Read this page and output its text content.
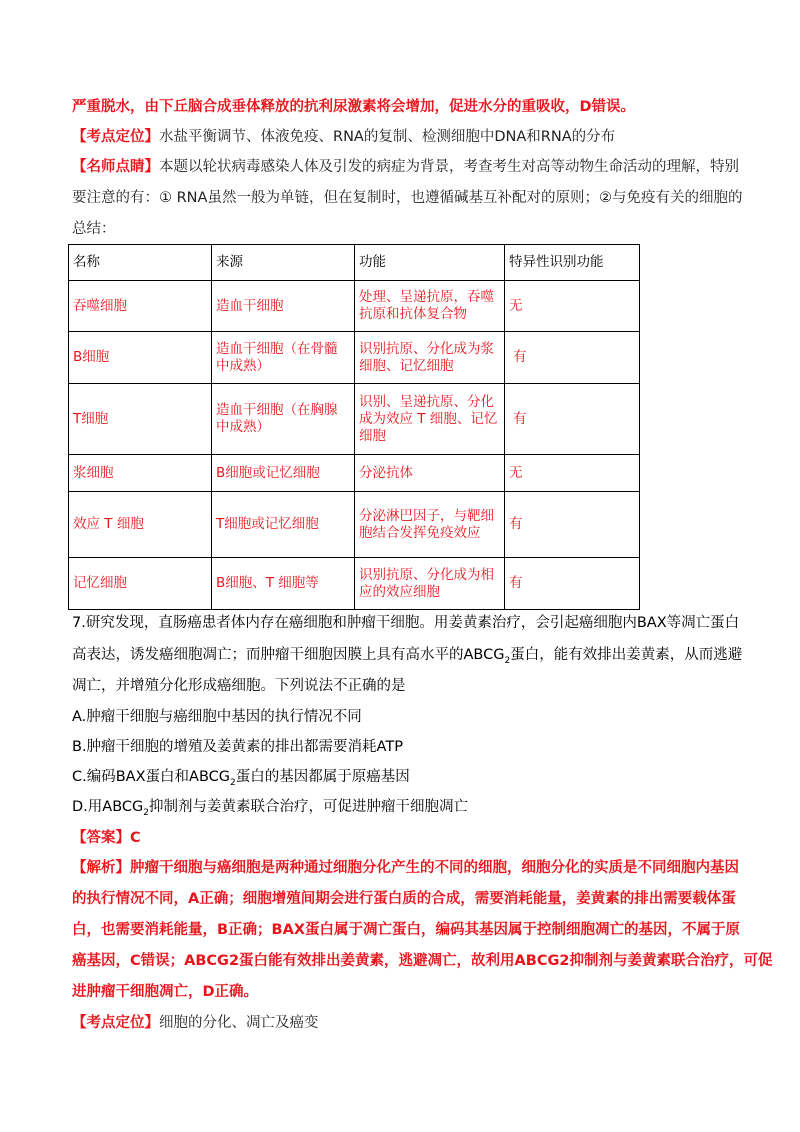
严重脱水，由下丘脑合成垂体释放的抗利尿激素将会增加，促进水分的重吸收，D错误。
【考点定位】水盐平衡调节、体液免疫、RNA的复制、检测细胞中DNA和RNA的分布
【名师点睛】本题以轮状病毒感染人体及引发的病症为背景，考查考生对高等动物生命活动的理解，特别
要注意的有：① RNA虽然一般为单链，但在复制时，也遵循碱基互补配对的原则；②与免疫有关的细胞的
总结：
名称	来源	功能	特异性识别功能
吞噬细胞	造血干细胞	处理、呈递抗原，吞噬抗原和抗体复合物	无
B细胞	造血干细胞（在骨髓中成熟）	识别抗原、分化成为浆细胞、记忆细胞	有
T细胞	造血干细胞（在胸腺中成熟）	识别、呈递抗原、分化成为效应 T 细胞、记忆细胞	有
浆细胞	B细胞或记忆细胞	分泌抗体	无
效应 T 细胞	T细胞或记忆细胞	分泌淋巴因子，与靶细胞结合发挥免疫效应	有
记忆细胞	B细胞、T 细胞等	识别抗原、分化成为相应的效应细胞	有
7.研究发现，直肠癌患者体内存在癌细胞和肿瘤干细胞。用姜黄素治疗，会引起癌细胞内BAX等凋亡蛋白
高表达，诱发癌细胞凋亡；而肿瘤干细胞因膜上具有高水平的$ABCG_2$蛋白，能有效排出姜黄素，从而逃避
凋亡，并增殖分化形成癌细胞。下列说法不正确的是
A.肿瘤干细胞与癌细胞中基因的执行情况不同
B.肿瘤干细胞的增殖及姜黄素的排出都需要消耗ATP
C.编码BAX蛋白和$ABCG_2$蛋白的基因都属于原癌基因
D.用$ABCG_2$抑制剂与姜黄素联合治疗，可促进肿瘤干细胞凋亡
【答案】C
【解析】肿瘤干细胞与癌细胞是两种通过细胞分化产生的不同的细胞，细胞分化的实质是不同细胞内基因
的执行情况不同，A正确；细胞增殖间期会进行蛋白质的合成，需要消耗能量，姜黄素的排出需要载体蛋
白，也需要消耗能量，B正确；BAX蛋白属于凋亡蛋白，编码其基因属于控制细胞凋亡的基因，不属于原
癌基因，C错误；ABCG2蛋白能有效排出姜黄素，逃避凋亡，故利用ABCG2抑制剂与姜黄素联合治疗，可促
进肿瘤干细胞凋亡，D正确。
【考点定位】细胞的分化、凋亡及癌变
